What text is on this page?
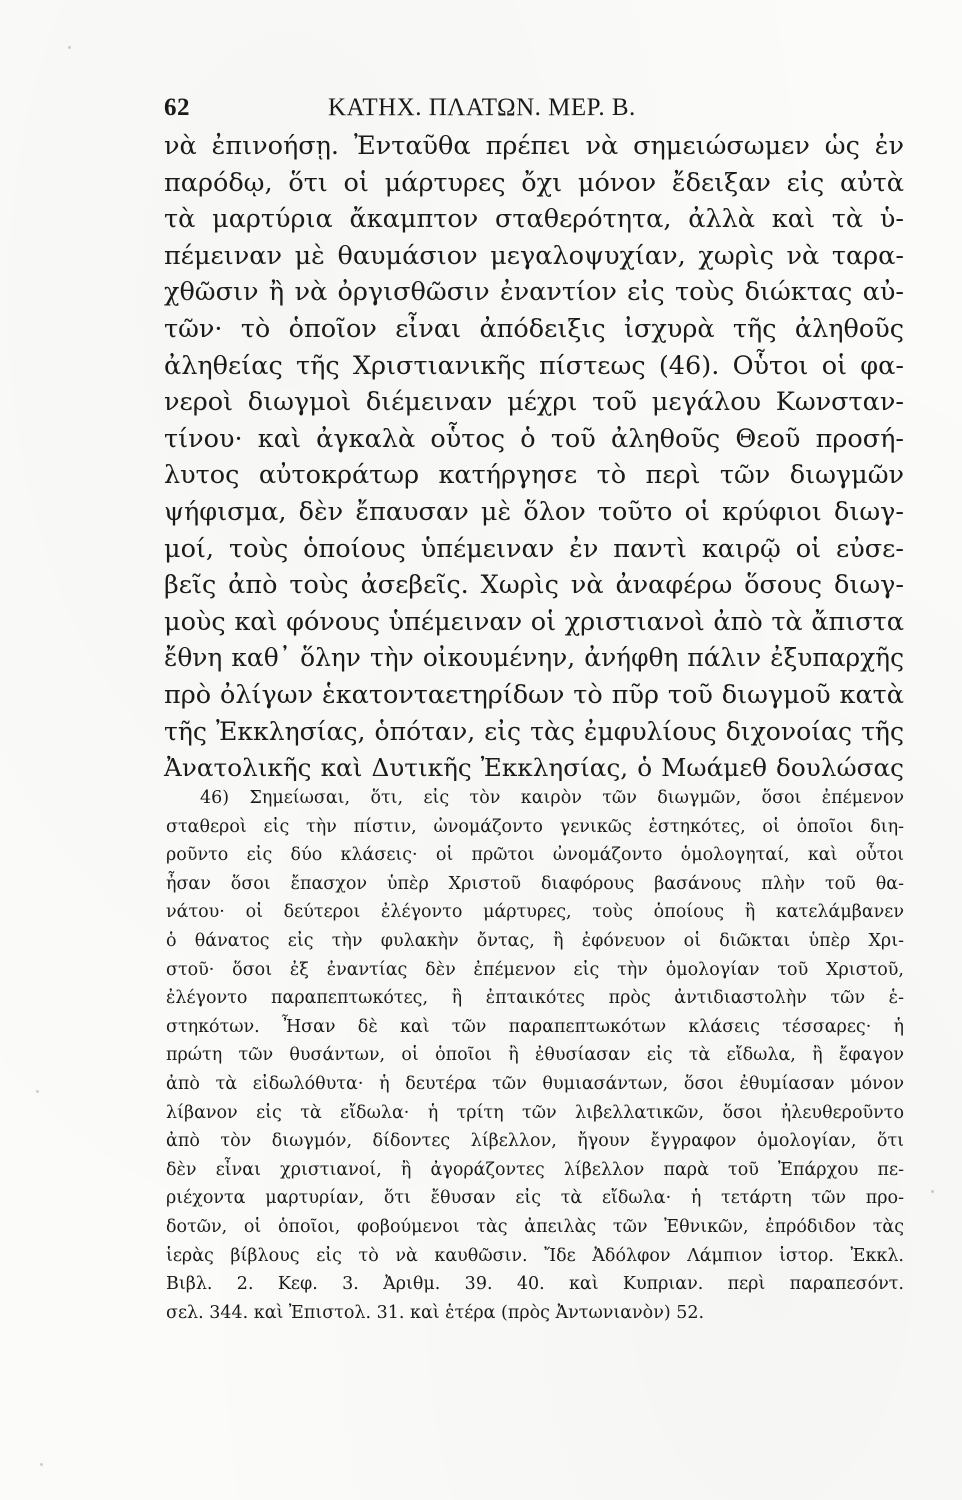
62	ΚΑΤΗΧ. ΠΛΑΤΩΝ. ΜΕΡ. Β.
νὰ ἐπινοήσῃ. Ἐνταῦθα πρέπει νὰ σημειώσωμεν ὡς ἐν
παρόδῳ, ὅτι οἱ μάρτυρες ὄχι μόνον ἔδειξαν εἰς αὐτὰ
τὰ μαρτύρια ἄκαμπτον σταθερότητα, ἀλλὰ καὶ τὰ ὑ-
πέμειναν μὲ θαυμάσιον μεγαλοψυχίαν, χωρὶς νὰ ταρα-
χθῶσιν ἢ νὰ ὀργισθῶσιν ἐναντίον εἰς τοὺς διώκτας αὐ-
τῶν· τὸ ὁποῖον εἶναι ἀπόδειξις ἰσχυρὰ τῆς ἀληθοῦς
ἀληθείας τῆς Χριστιανικῆς πίστεως (46). Οὗτοι οἱ φα-
νεροὶ διωγμοὶ διέμειναν μέχρι τοῦ μεγάλου Κωνσταν-
τίνου· καὶ ἀγκαλὰ οὗτος ὁ τοῦ ἀληθοῦς Θεοῦ προσή-
λυτος αὐτοκράτωρ κατήργησε τὸ περὶ τῶν διωγμῶν
ψήφισμα, δὲν ἔπαυσαν μὲ ὅλον τοῦτο οἱ κρύφιοι διωγ-
μοί, τοὺς ὁποίους ὑπέμειναν ἐν παντὶ καιρῷ οἱ εὐσε-
βεῖς ἀπὸ τοὺς ἀσεβεῖς. Χωρὶς νὰ ἀναφέρω ὅσους διωγ-
μοὺς καὶ φόνους ὑπέμειναν οἱ χριστιανοὶ ἀπὸ τὰ ἄπιστα
ἔθνη καθ᾽ ὅλην τὴν οἰκουμένην, ἀνήφθη πάλιν ἐξυπαρχῆς
πρὸ ὀλίγων ἑκατονταετηρίδων τὸ πῦρ τοῦ διωγμοῦ κατὰ
τῆς Ἐκκλησίας, ὁπόταν, εἰς τὰς ἐμφυλίους διχονοίας τῆς
Ἀνατολικῆς καὶ Δυτικῆς Ἐκκλησίας, ὁ Μωάμεθ δουλώσας
46) Σημείωσαι, ὅτι, εἰς τὸν καιρὸν τῶν διωγμῶν, ὅσοι ἐπέμενον
σταθεροὶ εἰς τὴν πίστιν, ὠνομάζοντο γενικῶς ἑστηκότες, οἱ ὁποῖοι διη-
ροῦντο εἰς δύο κλάσεις· οἱ πρῶτοι ὠνομάζοντο ὁμολογηταί, καὶ οὗτοι
ἦσαν ὅσοι ἔπασχον ὑπὲρ Χριστοῦ διαφόρους βασάνους πλὴν τοῦ θα-
νάτου· οἱ δεύτεροι ἐλέγοντο μάρτυρες, τοὺς ὁποίους ἢ κατελάμβανεν
ὁ θάνατος εἰς τὴν φυλακὴν ὄντας, ἢ ἐφόνευον οἱ διῶκται ὑπὲρ Χρι-
στοῦ· ὅσοι ἐξ ἐναντίας δὲν ἐπέμενον εἰς τὴν ὁμολογίαν τοῦ Χριστοῦ,
ἐλέγοντο παραπεπτωκότες, ἢ ἐπταικότες πρὸς ἀντιδιαστολὴν τῶν ἑ-
στηκότων. Ἦσαν δὲ καὶ τῶν παραπεπτωκότων κλάσεις τέσσαρες· ἡ
πρώτη τῶν θυσάντων, οἱ ὁποῖοι ἢ ἐθυσίασαν εἰς τὰ εἴδωλα, ἢ ἔφαγον
ἀπὸ τὰ εἰδωλόθυτα· ἡ δευτέρα τῶν θυμιασάντων, ὅσοι ἐθυμίασαν μόνον
λίβανον εἰς τὰ εἴδωλα· ἡ τρίτη τῶν λιβελλατικῶν, ὅσοι ἠλευθεροῦντο
ἀπὸ τὸν διωγμόν, δίδοντες λίβελλον, ἤγουν ἔγγραφον ὁμολογίαν, ὅτι
δὲν εἶναι χριστιανοί, ἢ ἀγοράζοντες λίβελλον παρὰ τοῦ Ἐπάρχου πε-
ριέχοντα μαρτυρίαν, ὅτι ἔθυσαν εἰς τὰ εἴδωλα· ἡ τετάρτη τῶν προ-
δοτῶν, οἱ ὁποῖοι, φοβούμενοι τὰς ἀπειλὰς τῶν Ἐθνικῶν, ἐπρόδιδον τὰς
ἱερὰς βίβλους εἰς τὸ νὰ καυθῶσιν. Ἴδε Ἀδόλφον Λάμπιον ἱστορ. Ἐκκλ.
Βιβλ. 2. Κεφ. 3. Ἀριθμ. 39. 40. καὶ Κυπριαν. περὶ παραπεσόντ.
σελ. 344. καὶ Ἐπιστολ. 31. καὶ ἑτέρα (πρὸς Ἀντωνιανὸν) 52.
